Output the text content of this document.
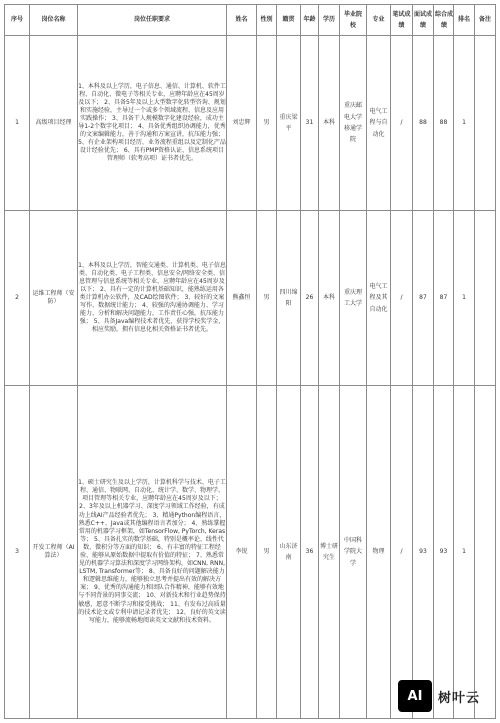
序号	岗位名称	岗位任职要求	姓名	性别	籍贯	年龄	学历	毕业院校	专业	笔试成绩	面试成绩	综合成绩	排名	备注
1	高级项目经理	1、本科及以上学历，电子信息、通信、计算机、软件工程、自动化、微电子等相关专业，应聘年龄应在45周岁及以下； 2、具备5年及以上大型数字化转型咨询、规划和实施经验，主导过一个或多个领域流程、信息及应用实践操作； 3、具备干人规模数字化建设经验，成功主导1-2个数字化项目； 4、具备优秀组织协调能力，优秀的文案编辑能力，善于沟通和方案宣讲，抗压能力强； 5、有企业架构项目经历、业务流程重组以及定制化产品设计经验优先； 6、具有PMP资格认证、信息系统项目管理师（软考高项）证书者优先。	刘忠辉	男	重庆梁平	31	本科	重庆邮电大学移通学院	电气工程与自动化	/	88	88	1	
2	运维工程师（安防）	1、本科及以上学历，智能交通类、计算机类、电子信息类、自动化类、电子工程类、信息安全/网络安全类、信息管理与信息系统等相关专业，应聘年龄应在45周岁及以下； 2、具有一定的计算机基础知识，能熟练运用各类计算机办公软件，及CAD绘图软件； 3、较好的文案写作、数据统计能力； 4、较强的沟通协调能力、学习能力、分析和解决问题能力，工作责任心强，抗压能力强； 5、具备Java编程技术者优先，获得学校奖学金，相应奖励，拥有信息化相关资格证书者优先。	熊鑫恒	男	四川绵阳	26	本科	重庆理工大学	电气工程及其自动化	/	87	87	1	
3	开发工程师（AI算法）	1、硕士研究生及以上学历，计算机科学与技术、电子工程、通信、物联网、自动化、统计学、数学、物理学、项目管理等相关专业，应聘年龄应在45周岁及以下； 2、3年及以上机器学习、深度学习领域工作经验，有成功上线AI产品经验者优先； 3、精通Python编程语言，熟悉C++、Java或其他编程语言者加分； 4、熟练掌握常用的机器学习框架，如TensorFlow, PyTorch, Keras等； 5、具备扎实的数学基础，特别是概率论、线性代数、微积分等方面的知识； 6、有丰富的特征工程经验，能够从原始数据中提取有价值的特征； 7、熟悉常见的机器学习算法和深度学习网络架构，如CNN, RNN, LSTM, Transformer等； 8、具备良好的问题解决能力和逻辑思维能力，能够独立思考并提出有效的解决方案； 9、优秀的沟通能力和团队合作精神，能够有效地与不同背景的同事交流； 10、对新技术和行业趋势保持敏感，愿意不断学习和接受挑战； 11、有发布过高质量的技术论文或专利申请记录者优先； 12、良好的英文读写能力，能够流畅地阅读英文文献和技术资料。	李锐	男	山东济南	36	博士研究生	中国科学院大学	物理	/	93	93	1	
AI	树叶云
